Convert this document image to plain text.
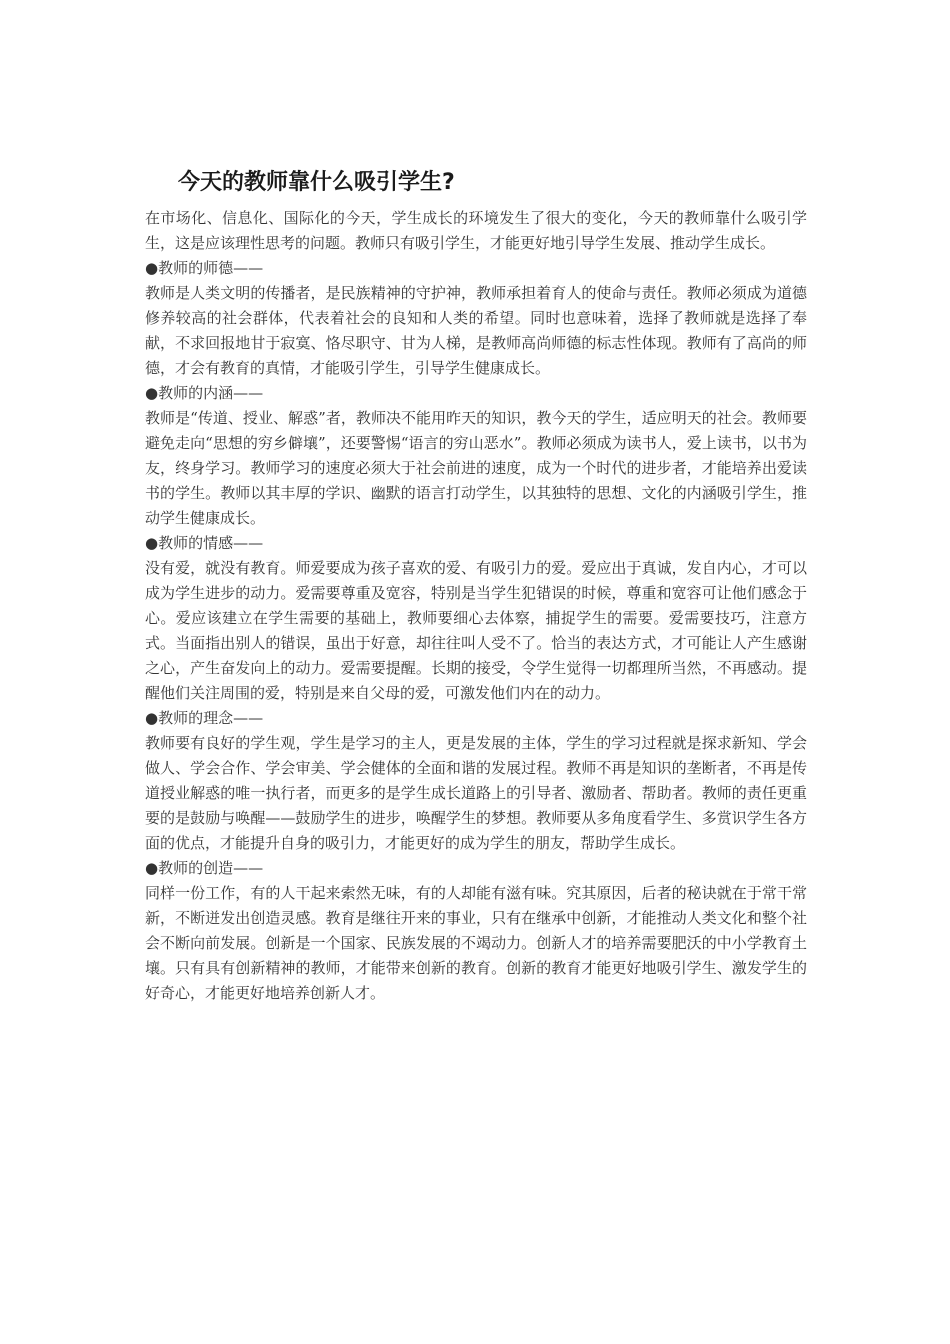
今天的教师靠什么吸引学生?

在市场化、信息化、国际化的今天，学生成长的环境发生了很大的变化，今天的教师靠什么吸引学生，这是应该理性思考的问题。教师只有吸引学生，才能更好地引导学生发展、推动学生成长。

●教师的师德——

教师是人类文明的传播者，是民族精神的守护神，教师承担着育人的使命与责任。教师必须成为道德修养较高的社会群体，代表着社会的良知和人类的希望。同时也意味着，选择了教师就是选择了奉献，不求回报地甘于寂寞、恪尽职守、甘为人梯，是教师高尚师德的标志性体现。教师有了高尚的师德，才会有教育的真情，才能吸引学生，引导学生健康成长。

●教师的内涵——

教师是“传道、授业、解惑”者，教师决不能用昨天的知识，教今天的学生，适应明天的社会。教师要避免走向“思想的穷乡僻壤”，还要警惕“语言的穷山恶水”。教师必须成为读书人，爱上读书，以书为友，终身学习。教师学习的速度必须大于社会前进的速度，成为一个时代的进步者，才能培养出爱读书的学生。教师以其丰厚的学识、幽默的语言打动学生，以其独特的思想、文化的内涵吸引学生，推动学生健康成长。

●教师的情感——

没有爱，就没有教育。师爱要成为孩子喜欢的爱、有吸引力的爱。爱应出于真诚，发自内心，才可以成为学生进步的动力。爱需要尊重及宽容，特别是当学生犯错误的时候，尊重和宽容可让他们感念于心。爱应该建立在学生需要的基础上，教师要细心去体察，捕捉学生的需要。爱需要技巧，注意方式。当面指出别人的错误，虽出于好意，却往往叫人受不了。恰当的表达方式，才可能让人产生感谢之心，产生奋发向上的动力。爱需要提醒。长期的接受，令学生觉得一切都理所当然，不再感动。提醒他们关注周围的爱，特别是来自父母的爱，可激发他们内在的动力。

●教师的理念——

教师要有良好的学生观，学生是学习的主人，更是发展的主体，学生的学习过程就是探求新知、学会做人、学会合作、学会审美、学会健体的全面和谐的发展过程。教师不再是知识的垄断者，不再是传道授业解惑的唯一执行者，而更多的是学生成长道路上的引导者、激励者、帮助者。教师的责任更重要的是鼓励与唤醒——鼓励学生的进步，唤醒学生的梦想。教师要从多角度看学生、多赏识学生各方面的优点，才能提升自身的吸引力，才能更好的成为学生的朋友，帮助学生成长。

●教师的创造——

同样一份工作，有的人干起来索然无味，有的人却能有滋有味。究其原因，后者的秘诀就在于常干常新，不断迸发出创造灵感。教育是继往开来的事业，只有在继承中创新，才能推动人类文化和整个社会不断向前发展。创新是一个国家、民族发展的不竭动力。创新人才的培养需要肥沃的中小学教育土壤。只有具有创新精神的教师，才能带来创新的教育。创新的教育才能更好地吸引学生、激发学生的好奇心，才能更好地培养创新人才。
